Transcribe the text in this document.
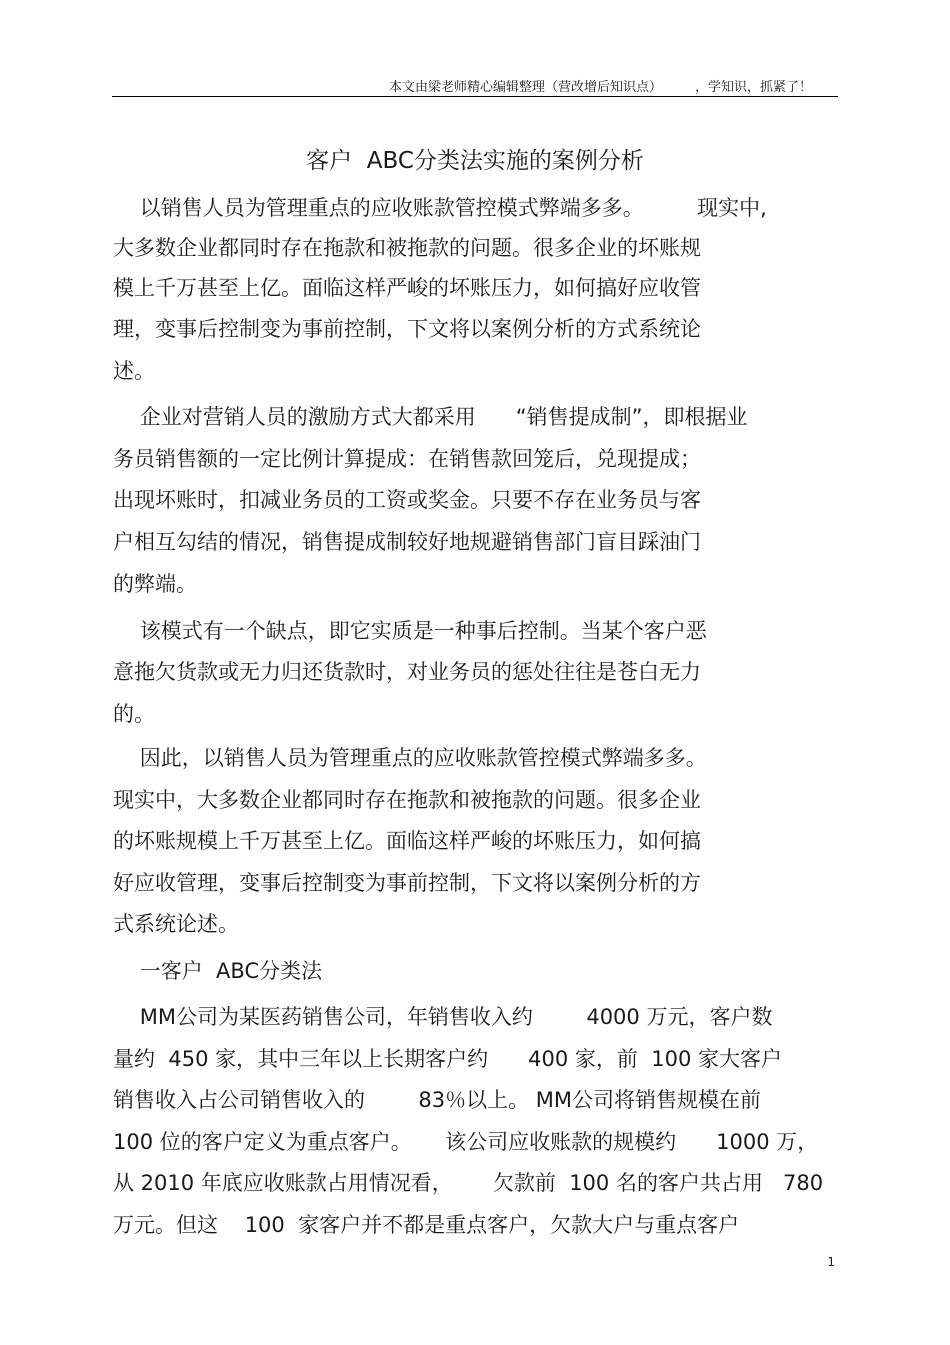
本文由梁老师精心编辑整理（营改增后知识点）        ，学知识，抓紧了！
客户  ABC分类法实施的案例分析
以销售人员为管理重点的应收账款管控模式弊端多多。        现实中,
大多数企业都同时存在拖款和被拖款的问题。很多企业的坏账规
模上千万甚至上亿。面临这样严峻的坏账压力，如何搞好应收管
理，变事后控制变为事前控制，下文将以案例分析的方式系统论
述。
企业对营销人员的激励方式大都采用      “销售提成制”，即根据业
务员销售额的一定比例计算提成：在销售款回笼后，兑现提成；
出现坏账时，扣减业务员的工资或奖金。只要不存在业务员与客
户相互勾结的情况，销售提成制较好地规避销售部门盲目踩油门
的弊端。
该模式有一个缺点，即它实质是一种事后控制。当某个客户恶
意拖欠货款或无力归还货款时，对业务员的惩处往往是苍白无力
的。
因此，以销售人员为管理重点的应收账款管控模式弊端多多。
现实中，大多数企业都同时存在拖款和被拖款的问题。很多企业
的坏账规模上千万甚至上亿。面临这样严峻的坏账压力，如何搞
好应收管理，变事后控制变为事前控制，下文将以案例分析的方
式系统论述。
一客户  ABC分类法
MM公司为某医药销售公司，年销售收入约        4000 万元，客户数
量约  450 家，其中三年以上长期客户约      400 家，前  100 家大客户
销售收入占公司销售收入的        83％以上。 MM公司将销售规模在前
100 位的客户定义为重点客户。     该公司应收账款的规模约      1000 万，
从 2010 年底应收账款占用情况看，      欠款前  100 名的客户共占用   780
万元。但这    100  家客户并不都是重点客户，欠款大户与重点客户
1
